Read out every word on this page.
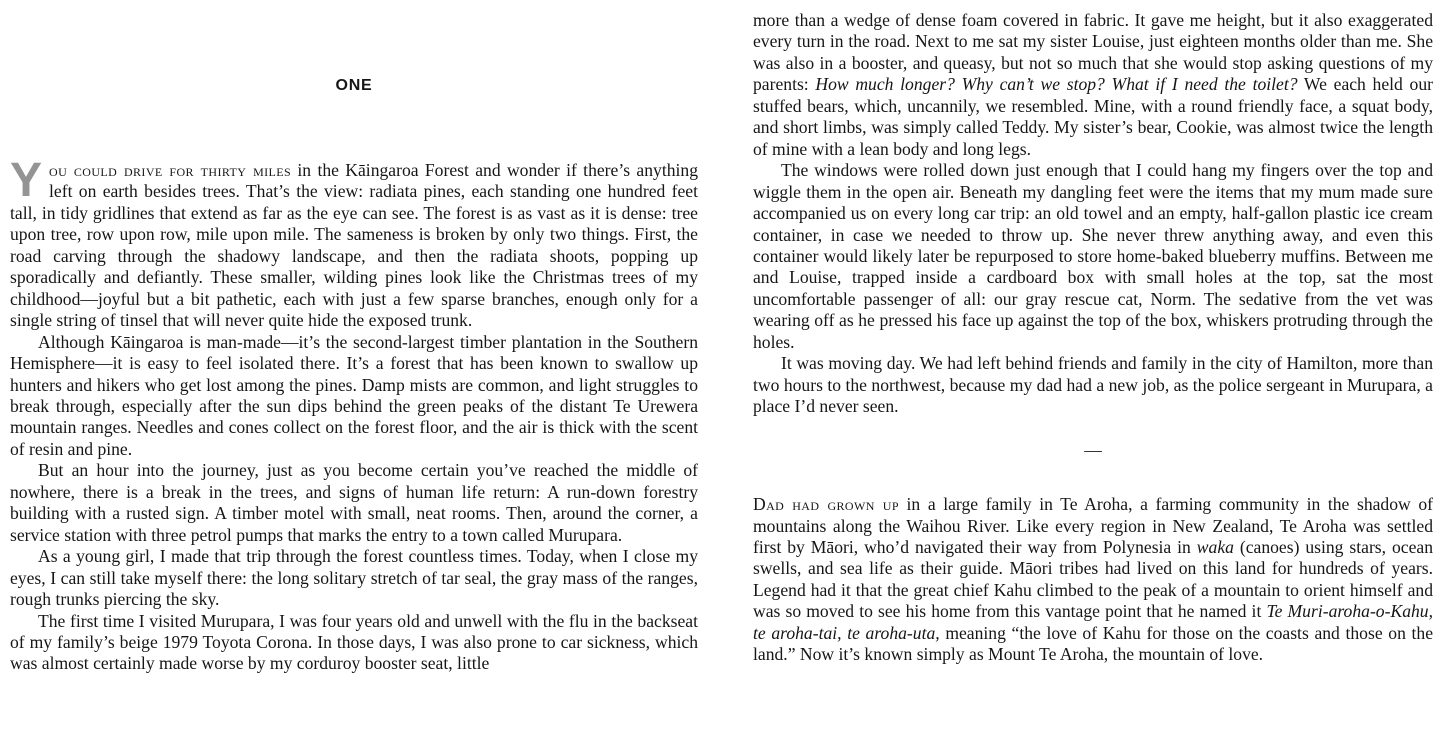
ONE

You could drive for thirty miles in the Kāingaroa Forest and wonder if there’s anything left on earth besides trees. That’s the view: radiata pines, each standing one hundred feet tall, in tidy gridlines that extend as far as the eye can see. The forest is as vast as it is dense: tree upon tree, row upon row, mile upon mile. The sameness is broken by only two things. First, the road carving through the shadowy landscape, and then the radiata shoots, popping up sporadically and defiantly. These smaller, wilding pines look like the Christmas trees of my childhood—joyful but a bit pathetic, each with just a few sparse branches, enough only for a single string of tinsel that will never quite hide the exposed trunk.

Although Kāingaroa is man-made—it’s the second-largest timber plantation in the Southern Hemisphere—it is easy to feel isolated there. It’s a forest that has been known to swallow up hunters and hikers who get lost among the pines. Damp mists are common, and light struggles to break through, especially after the sun dips behind the green peaks of the distant Te Urewera mountain ranges. Needles and cones collect on the forest floor, and the air is thick with the scent of resin and pine.

But an hour into the journey, just as you become certain you’ve reached the middle of nowhere, there is a break in the trees, and signs of human life return: A run-down forestry building with a rusted sign. A timber motel with small, neat rooms. Then, around the corner, a service station with three petrol pumps that marks the entry to a town called Murupara.

As a young girl, I made that trip through the forest countless times. Today, when I close my eyes, I can still take myself there: the long solitary stretch of tar seal, the gray mass of the ranges, rough trunks piercing the sky.

The first time I visited Murupara, I was four years old and unwell with the flu in the backseat of my family’s beige 1979 Toyota Corona. In those days, I was also prone to car sickness, which was almost certainly made worse by my corduroy booster seat, little

more than a wedge of dense foam covered in fabric. It gave me height, but it also exaggerated every turn in the road. Next to me sat my sister Louise, just eighteen months older than me. She was also in a booster, and queasy, but not so much that she would stop asking questions of my parents: How much longer? Why can’t we stop? What if I need the toilet? We each held our stuffed bears, which, uncannily, we resembled. Mine, with a round friendly face, a squat body, and short limbs, was simply called Teddy. My sister’s bear, Cookie, was almost twice the length of mine with a lean body and long legs.

The windows were rolled down just enough that I could hang my fingers over the top and wiggle them in the open air. Beneath my dangling feet were the items that my mum made sure accompanied us on every long car trip: an old towel and an empty, half-gallon plastic ice cream container, in case we needed to throw up. She never threw anything away, and even this container would likely later be repurposed to store home-baked blueberry muffins. Between me and Louise, trapped inside a cardboard box with small holes at the top, sat the most uncomfortable passenger of all: our gray rescue cat, Norm. The sedative from the vet was wearing off as he pressed his face up against the top of the box, whiskers protruding through the holes.

It was moving day. We had left behind friends and family in the city of Hamilton, more than two hours to the northwest, because my dad had a new job, as the police sergeant in Murupara, a place I’d never seen.

—

Dad had grown up in a large family in Te Aroha, a farming community in the shadow of mountains along the Waihou River. Like every region in New Zealand, Te Aroha was settled first by Māori, who’d navigated their way from Polynesia in waka (canoes) using stars, ocean swells, and sea life as their guide. Māori tribes had lived on this land for hundreds of years. Legend had it that the great chief Kahu climbed to the peak of a mountain to orient himself and was so moved to see his home from this vantage point that he named it Te Muri-aroha-o-Kahu, te aroha-tai, te aroha-uta, meaning “the love of Kahu for those on the coasts and those on the land.” Now it’s known simply as Mount Te Aroha, the mountain of love.
